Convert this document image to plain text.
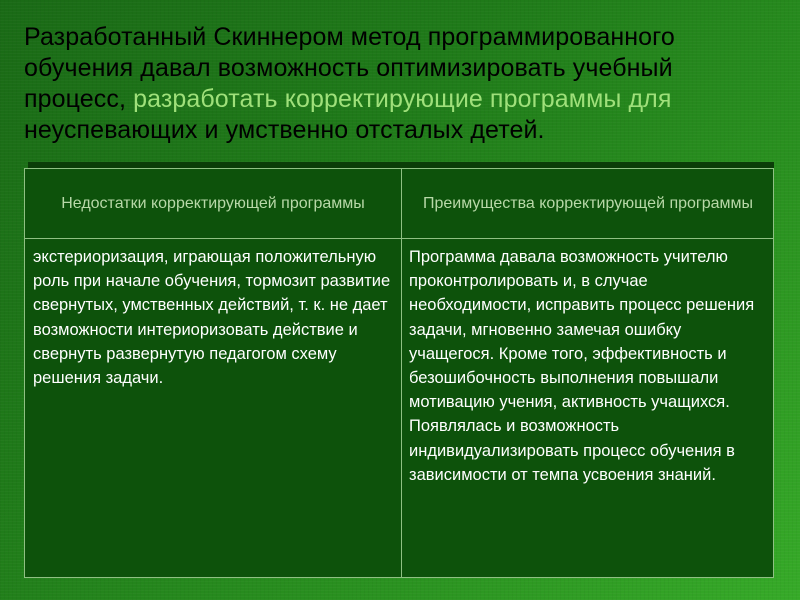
Разработанный Скиннером метод программированного обучения давал возможность оптимизировать учебный процесс, разработать корректирующие программы для неуспевающих и умственно отсталых детей.
Недостатки корректирующей программы	Преимущества корректирующей программы
экстериоризация, играющая положительную роль при начале обучения, тормозит развитие свернутых, умственных действий, т. к. не дает возможности интериоризовать действие и свернуть развернутую педагогом схему решения задачи.
Программа давала возможность учителю проконтролировать и, в случае необходимости, исправить процесс решения задачи, мгновенно замечая ошибку учащегося. Кроме того, эффективность и безошибочность выполнения повышали мотивацию учения, активность учащихся. Появлялась и возможность индивидуализировать процесс обучения в зависимости от темпа усвоения знаний.
